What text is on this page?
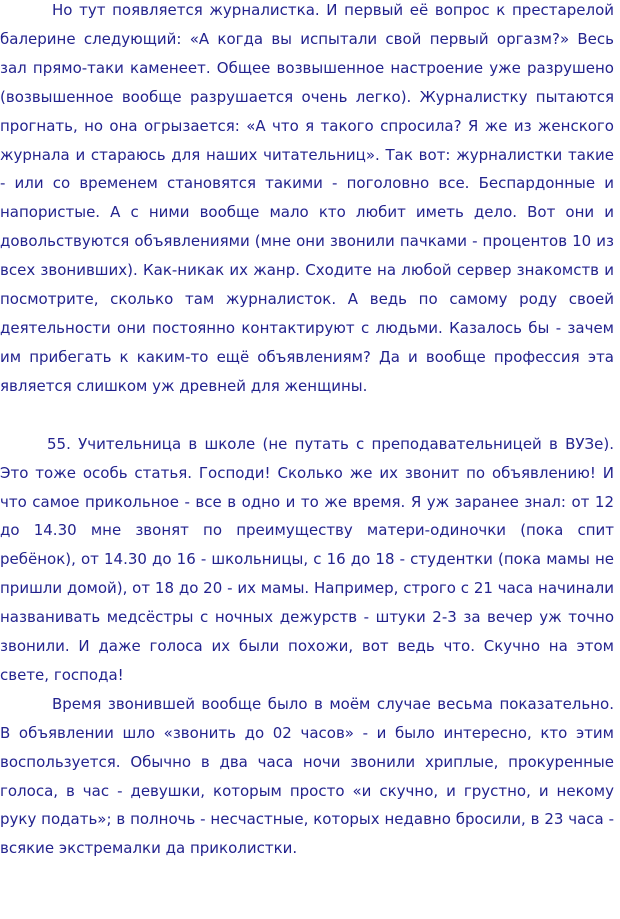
Но тут появляется журналистка. И первый её вопрос к престарелой балерине следующий: «А когда вы испытали свой первый оргазм?» Весь зал прямо-таки каменеет. Общее возвышенное настроение уже разрушено (возвышенное вообще разрушается очень легко). Журналистку пытаются прогнать, но она огрызается: «А что я такого спросила? Я же из женского журнала и стараюсь для наших читательниц». Так вот: журналистки такие - или со временем становятся такими - поголовно все. Беспардонные и напористые. А с ними вообще мало кто любит иметь дело. Вот они и довольствуются объявлениями (мне они звонили пачками - процентов 10 из всех звонивших). Как-никак их жанр. Сходите на любой сервер знакомств и посмотрите, сколько там журналисток. А ведь по самому роду своей деятельности они постоянно контактируют с людьми. Казалось бы - зачем им прибегать к каким-то ещё объявлениям? Да и вообще профессия эта является слишком уж древней для женщины.

55. Учительница в школе (не путать с преподавательницей в ВУЗе). Это тоже особь статья. Господи! Сколько же их звонит по объявлению! И что самое прикольное - все в одно и то же время. Я уж заранее знал: от 12 до 14.30 мне звонят по преимуществу матери-одиночки (пока спит ребёнок), от 14.30 до 16 - школьницы, с 16 до 18 - студентки (пока мамы не пришли домой), от 18 до 20 - их мамы. Например, строго с 21 часа начинали названивать медсёстры с ночных дежурств - штуки 2-3 за вечер уж точно звонили. И даже голоса их были похожи, вот ведь что. Скучно на этом свете, господа!

Время звонившей вообще было в моём случае весьма показательно. В объявлении шло «звонить до 02 часов» - и было интересно, кто этим воспользуется. Обычно в два часа ночи звонили хриплые, прокуренные голоса, в час - девушки, которым просто «и скучно, и грустно, и некому руку подать»; в полночь - несчастные, которых недавно бросили, в 23 часа - всякие экстремалки да приколистки.
